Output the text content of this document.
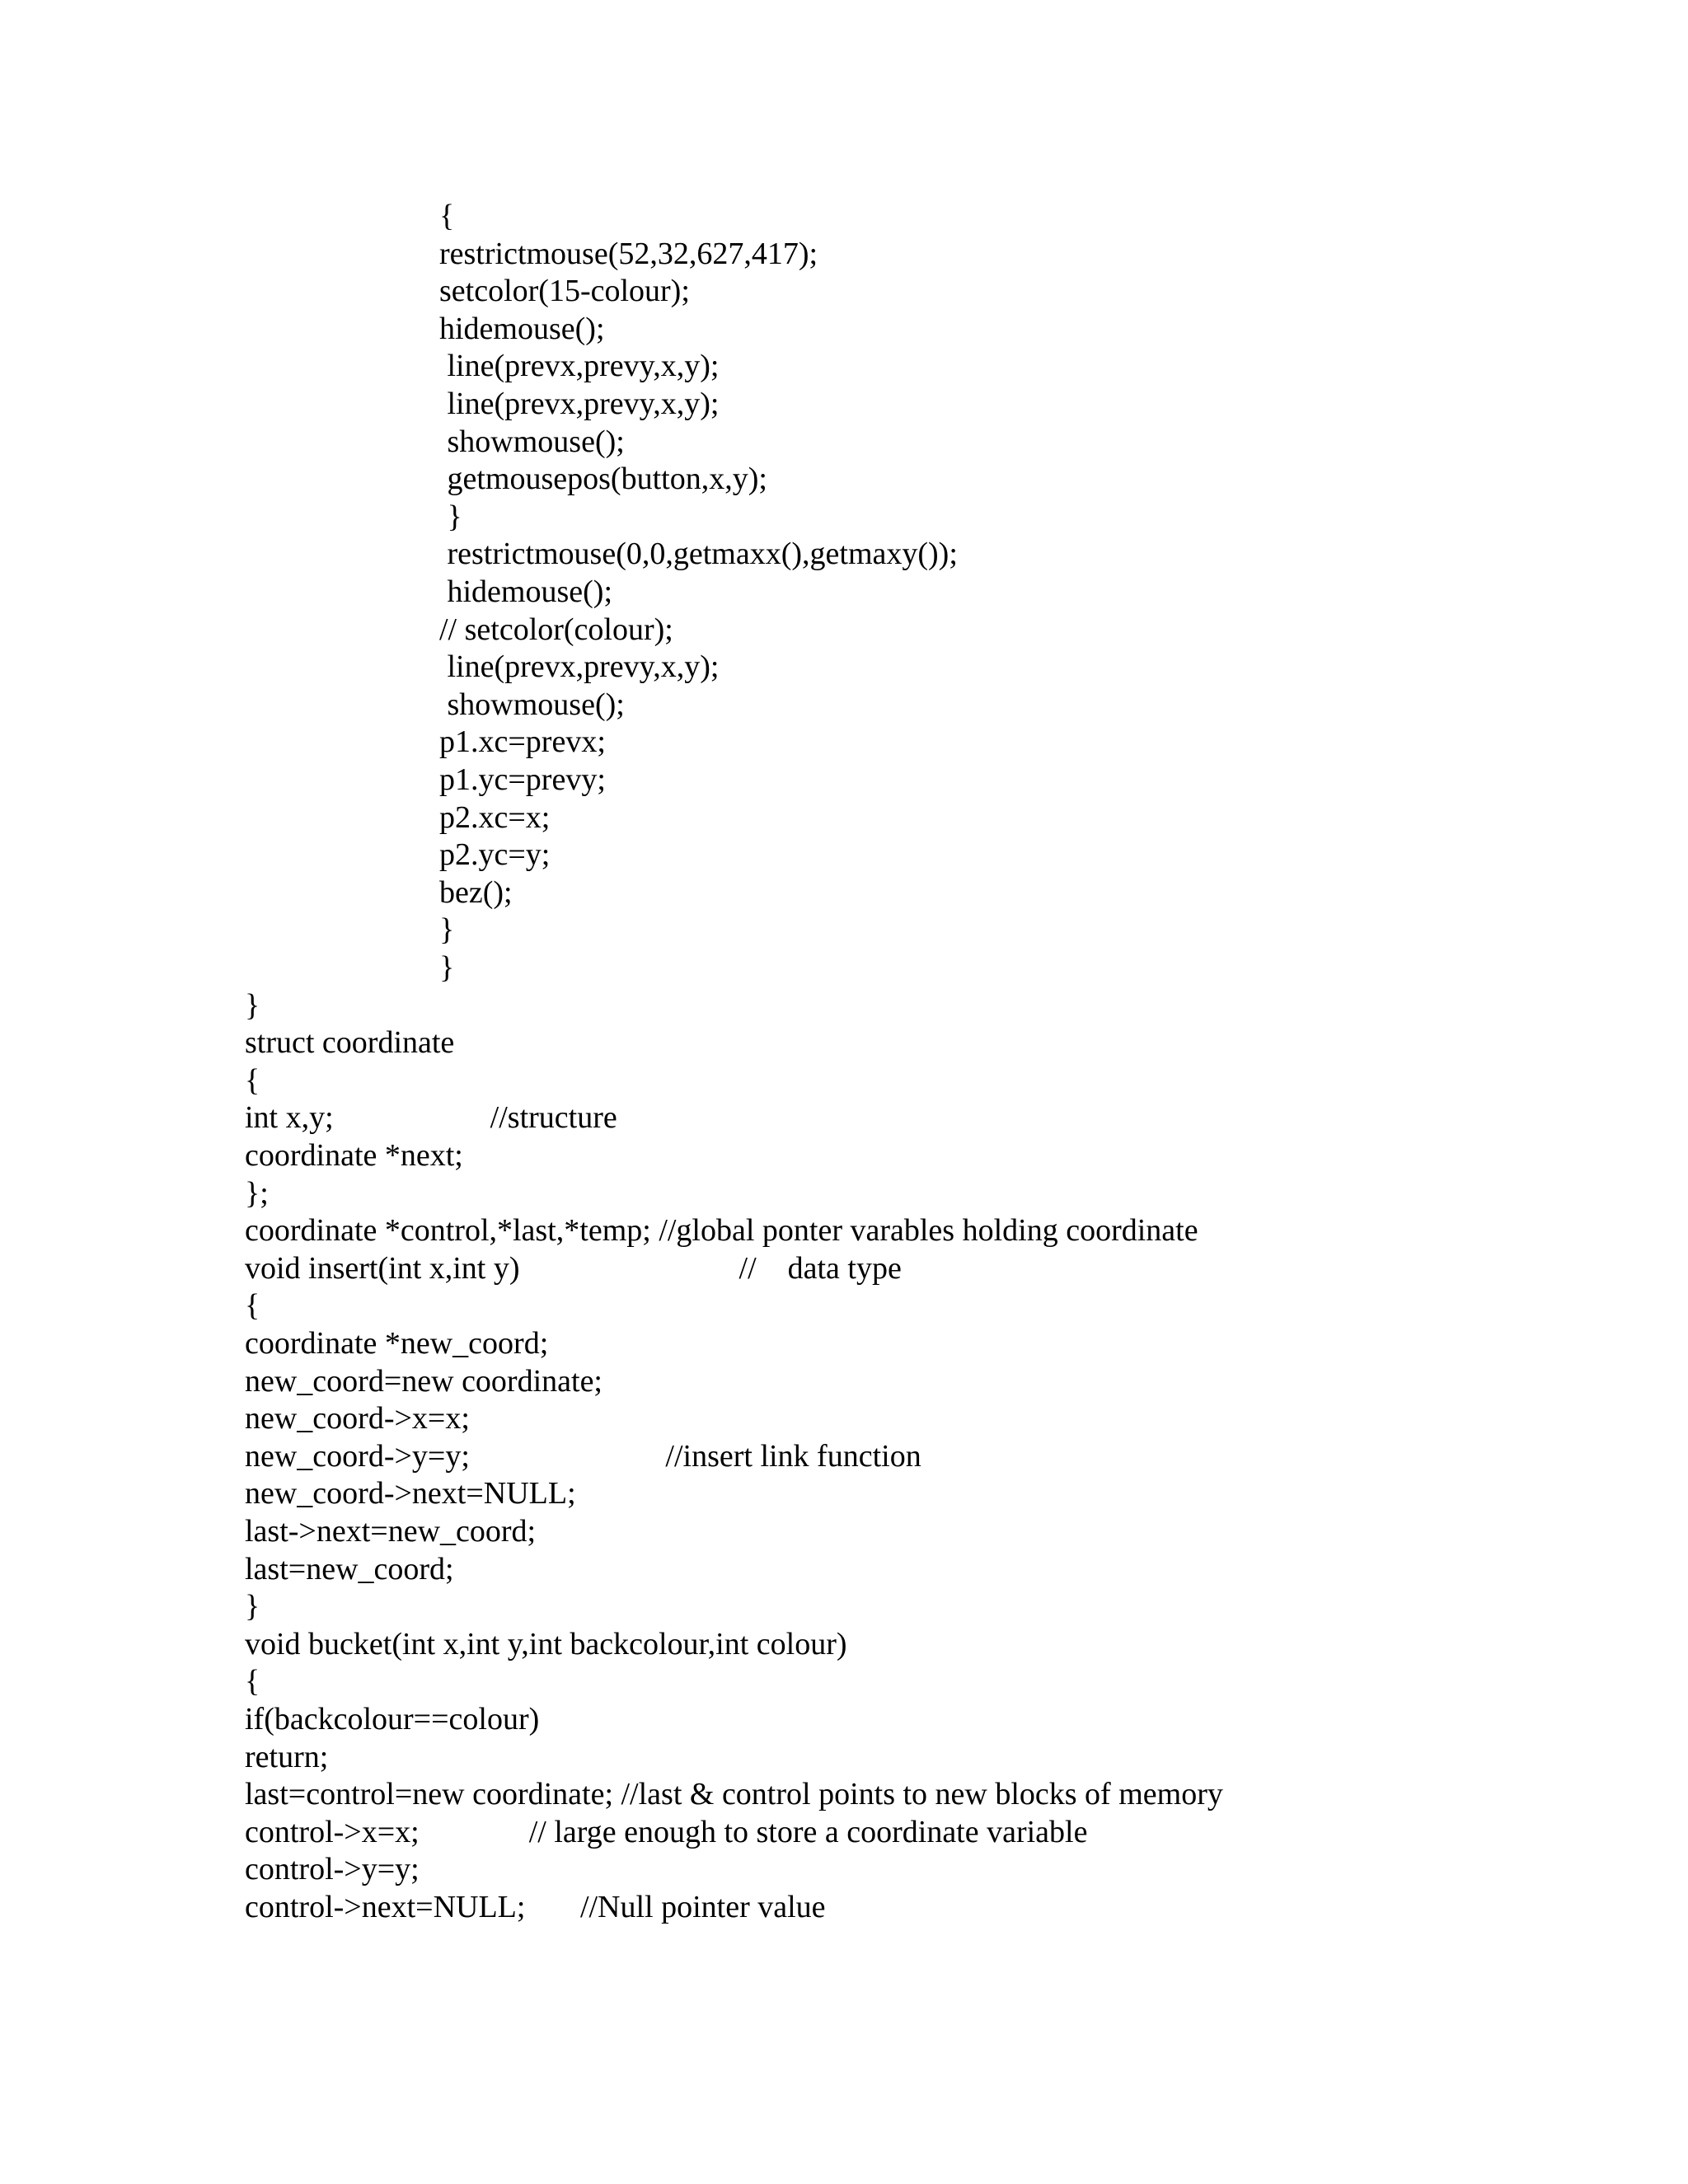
{
restrictmouse(52,32,627,417);
setcolor(15-colour);
hidemouse();
line(prevx,prevy,x,y);
line(prevx,prevy,x,y);
showmouse();
getmousepos(button,x,y);
}
restrictmouse(0,0,getmaxx(),getmaxy());
hidemouse();
// setcolor(colour);
line(prevx,prevy,x,y);
showmouse();
p1.xc=prevx;
p1.yc=prevy;
p2.xc=x;
p2.yc=y;
bez();
}
}
}
struct coordinate
{
int x,y;                    //structure
coordinate *next;
};
coordinate *control,*last,*temp; //global ponter varables holding coordinate
void insert(int x,int y)                            //    data type
{
coordinate *new_coord;
new_coord=new coordinate;
new_coord->x=x;
new_coord->y=y;                         //insert link function
new_coord->next=NULL;
last->next=new_coord;
last=new_coord;
}
void bucket(int x,int y,int backcolour,int colour)
{
if(backcolour==colour)
return;
last=control=new coordinate; //last & control points to new blocks of memory
control->x=x;              // large enough to store a coordinate variable
control->y=y;
control->next=NULL;       //Null pointer value
